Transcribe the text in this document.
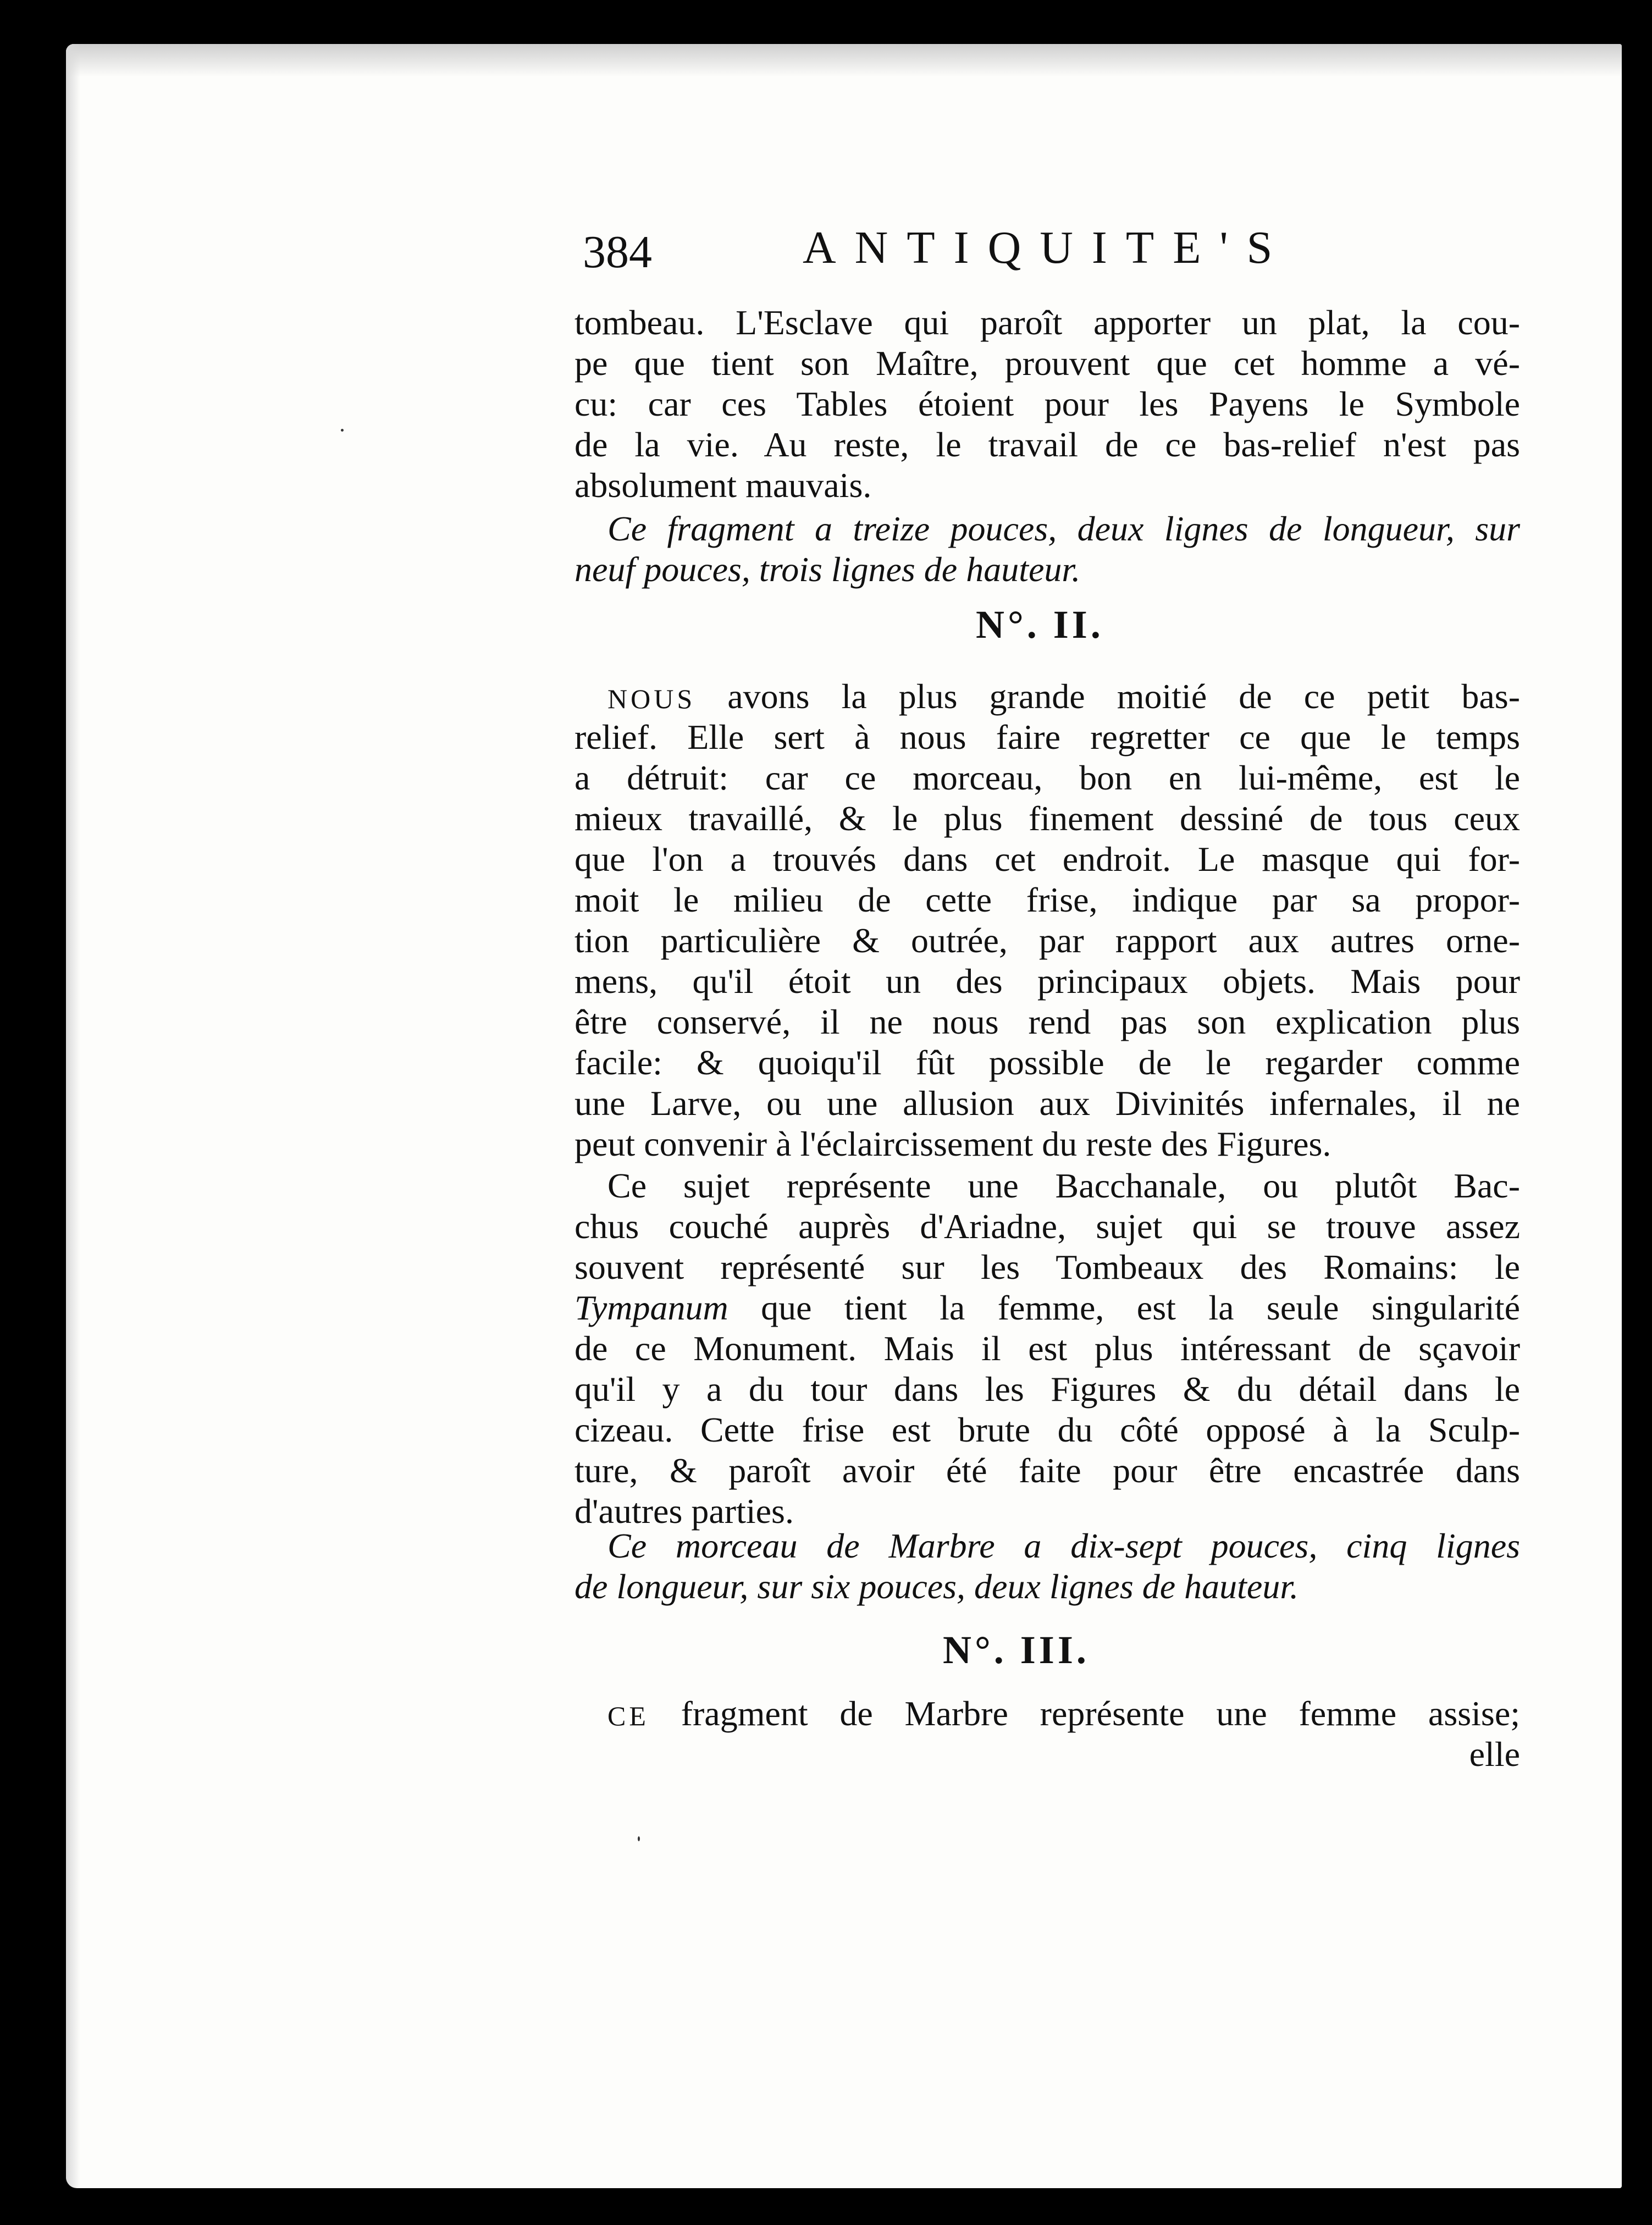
384	ANTIQUITE'S
tombeau. L'Esclave qui paroît apporter un plat, la cou-
pe que tient son Maître, prouvent que cet homme a vé-
cu: car ces Tables étoient pour les Payens le Symbole
de la vie. Au reste, le travail de ce bas-relief n'est pas
absolument mauvais.
Ce fragment a treize pouces, deux lignes de longueur, sur
neuf pouces, trois lignes de hauteur.
N°. II.
NOUS avons la plus grande moitié de ce petit bas-
relief. Elle sert à nous faire regretter ce que le temps
a détruit: car ce morceau, bon en lui-même, est le
mieux travaillé, & le plus finement dessiné de tous ceux
que l'on a trouvés dans cet endroit. Le masque qui for-
moit le milieu de cette frise, indique par sa propor-
tion particulière & outrée, par rapport aux autres orne-
mens, qu'il étoit un des principaux objets. Mais pour
être conservé, il ne nous rend pas son explication plus
facile: & quoiqu'il fût possible de le regarder comme
une Larve, ou une allusion aux Divinités infernales, il ne
peut convenir à l'éclaircissement du reste des Figures.
Ce sujet représente une Bacchanale, ou plutôt Bac-
chus couché auprès d'Ariadne, sujet qui se trouve assez
souvent représenté sur les Tombeaux des Romains: le
Tympanum que tient la femme, est la seule singularité
de ce Monument. Mais il est plus intéressant de sçavoir
qu'il y a du tour dans les Figures & du détail dans le
cizeau. Cette frise est brute du côté opposé à la Sculp-
ture, & paroît avoir été faite pour être encastrée dans
d'autres parties.
Ce morceau de Marbre a dix-sept pouces, cinq lignes
de longueur, sur six pouces, deux lignes de hauteur.
N°. III.
CE fragment de Marbre représente une femme assise;
elle
